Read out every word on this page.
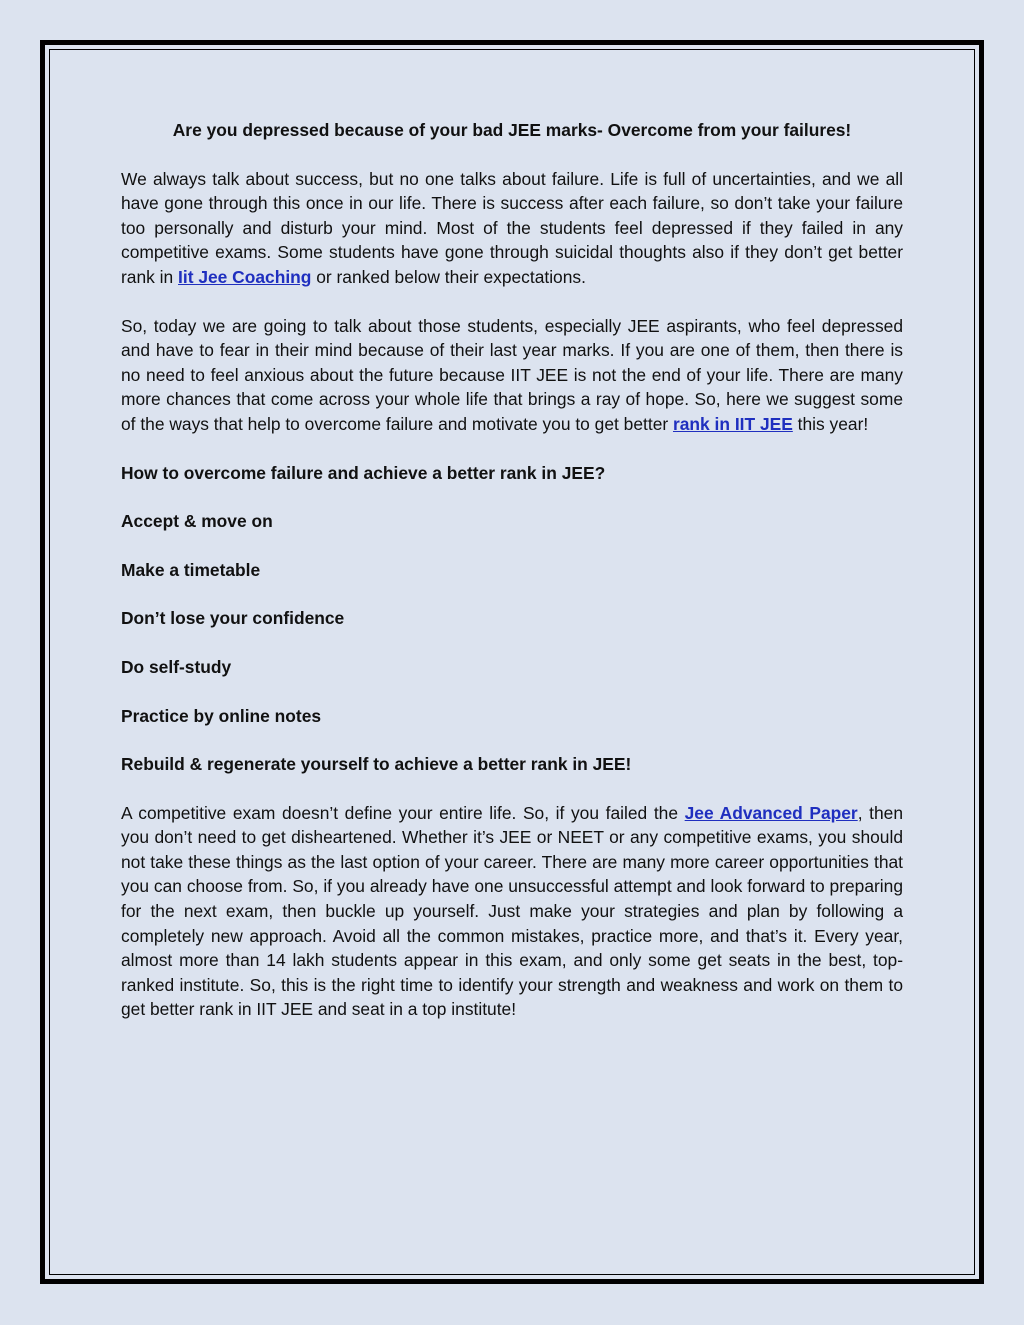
Are you depressed because of your bad JEE marks- Overcome from your failures!

We always talk about success, but no one talks about failure. Life is full of uncertainties, and we all have gone through this once in our life. There is success after each failure, so don’t take your failure too personally and disturb your mind. Most of the students feel depressed if they failed in any competitive exams. Some students have gone through suicidal thoughts also if they don’t get better rank in Iit Jee Coaching or ranked below their expectations.

So, today we are going to talk about those students, especially JEE aspirants, who feel depressed and have to fear in their mind because of their last year marks. If you are one of them, then there is no need to feel anxious about the future because IIT JEE is not the end of your life. There are many more chances that come across your whole life that brings a ray of hope. So, here we suggest some of the ways that help to overcome failure and motivate you to get better rank in IIT JEE this year!

How to overcome failure and achieve a better rank in JEE?
Accept & move on
Make a timetable
Don’t lose your confidence
Do self-study
Practice by online notes
Rebuild & regenerate yourself to achieve a better rank in JEE!

A competitive exam doesn’t define your entire life. So, if you failed the Jee Advanced Paper, then you don’t need to get disheartened. Whether it’s JEE or NEET or any competitive exams, you should not take these things as the last option of your career. There are many more career opportunities that you can choose from. So, if you already have one unsuccessful attempt and look forward to preparing for the next exam, then buckle up yourself. Just make your strategies and plan by following a completely new approach. Avoid all the common mistakes, practice more, and that’s it. Every year, almost more than 14 lakh students appear in this exam, and only some get seats in the best, top-ranked institute. So, this is the right time to identify your strength and weakness and work on them to get better rank in IIT JEE and seat in a top institute!
